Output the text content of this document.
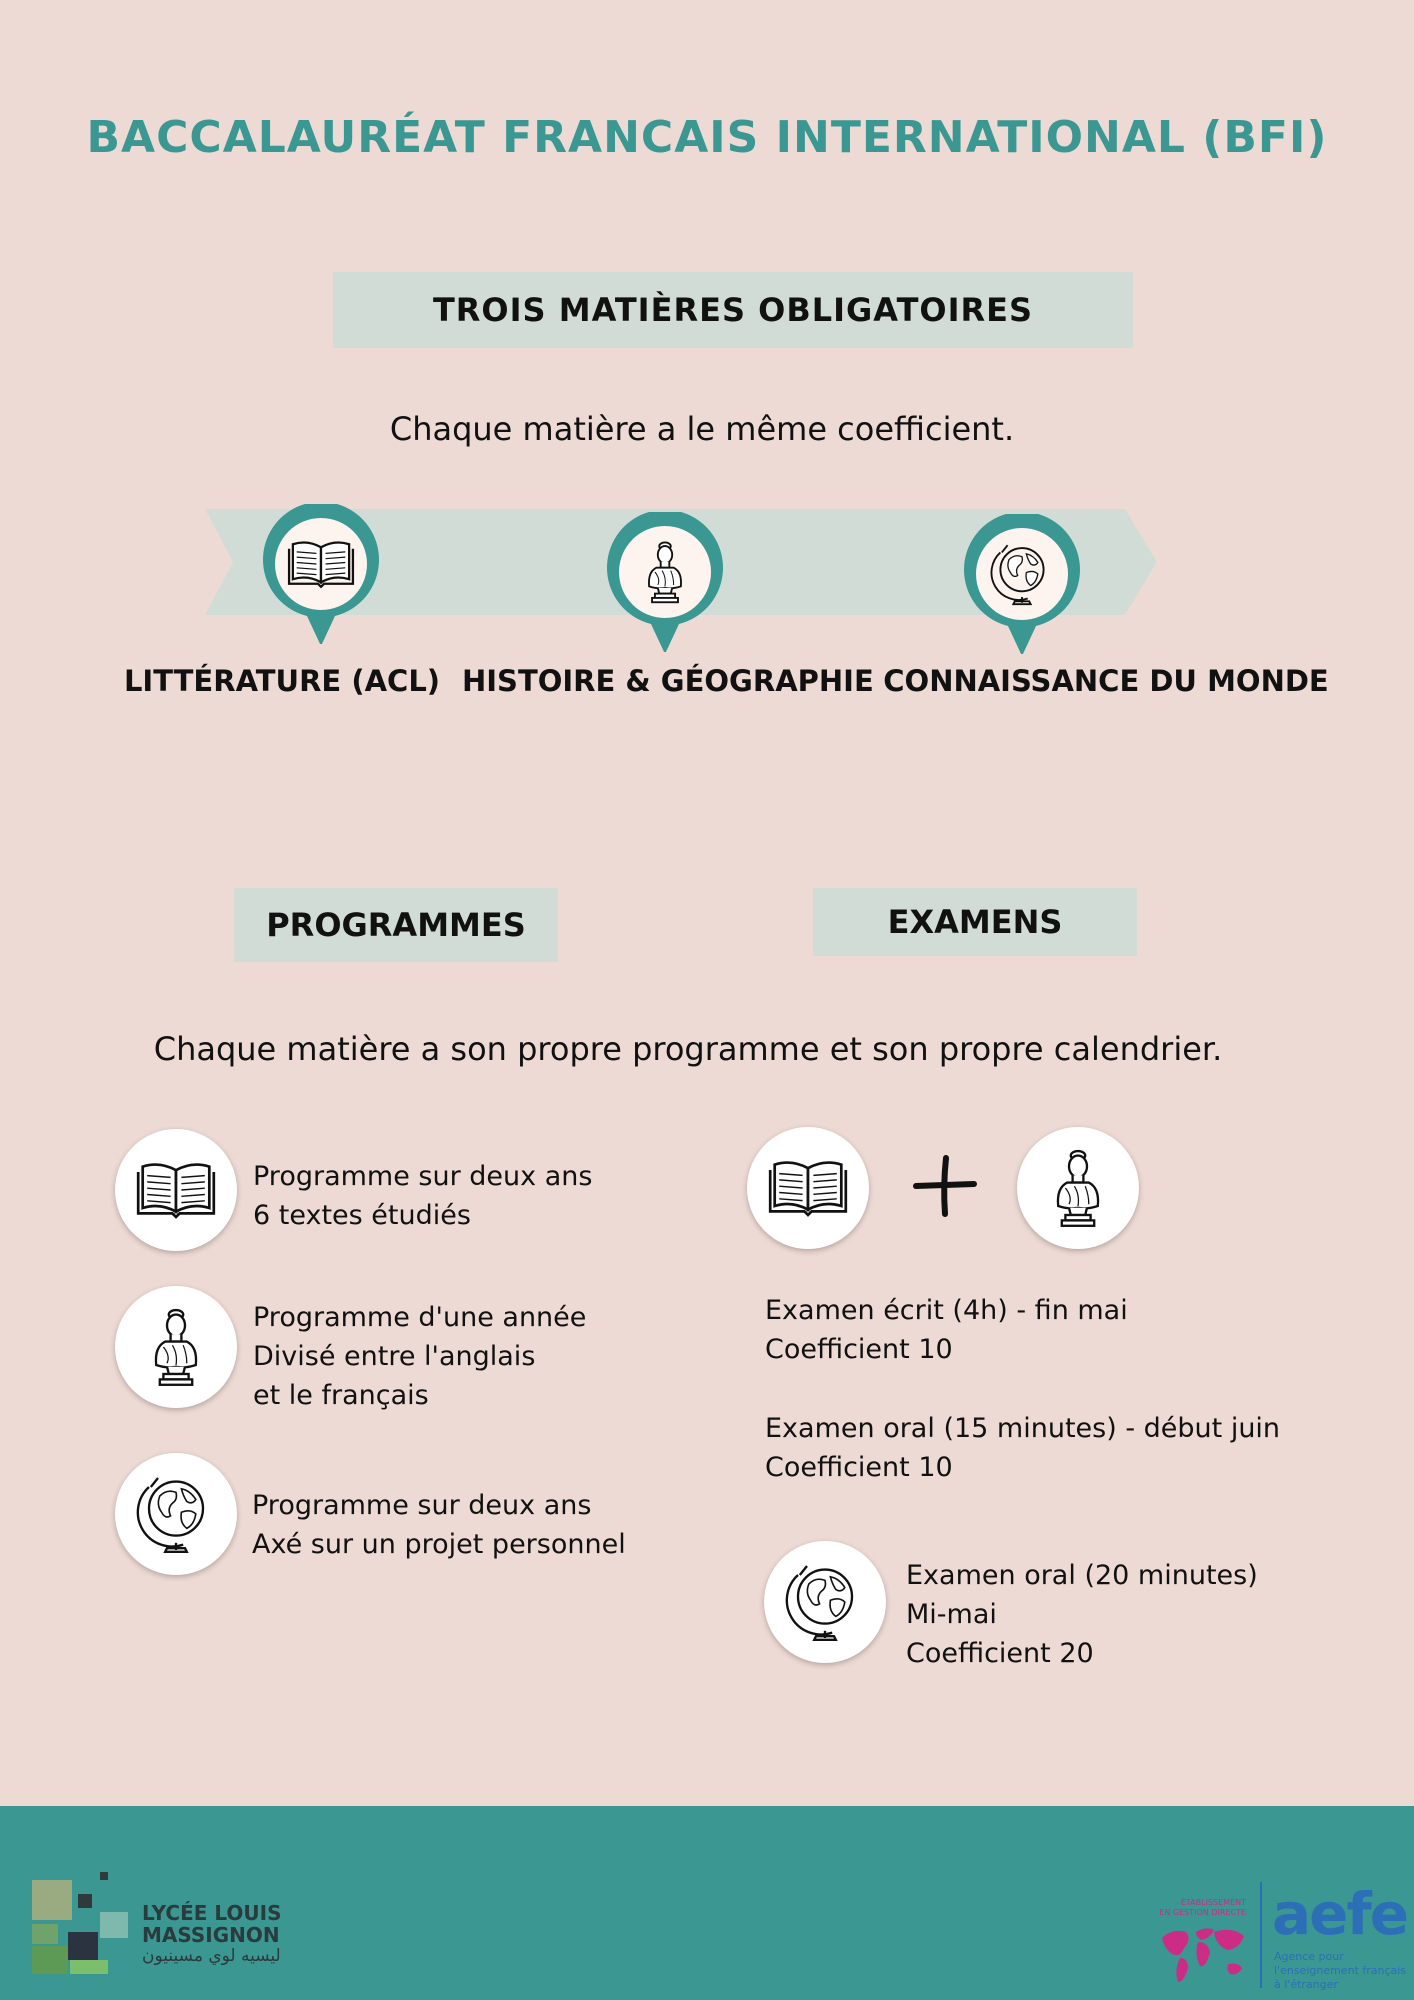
BACCALAURÉAT FRANCAIS INTERNATIONAL (BFI)
TROIS MATIÈRES OBLIGATOIRES
Chaque matière a le même coefficient.
LITTÉRATURE (ACL) HISTOIRE & GÉOGRAPHIE CONNAISSANCE DU MONDE
PROGRAMMES	EXAMENS
Chaque matière a son propre programme et son propre calendrier.
Programme sur deux ans
6 textes étudiés
Programme d'une année
Divisé entre l'anglais
et le français
Programme sur deux ans
Axé sur un projet personnel
Examen écrit (4h) - fin mai
Coefficient 10
Examen oral (15 minutes) - début juin
Coefficient 10
Examen oral (20 minutes)
Mi-mai
Coefficient 20
LYCÉE LOUIS
MASSIGNON
ليسيه لوي مسينيون
ÉTABLISSEMENT
EN GESTION DIRECTE aefe
Agence pour
l'enseignement français
à l'étranger
